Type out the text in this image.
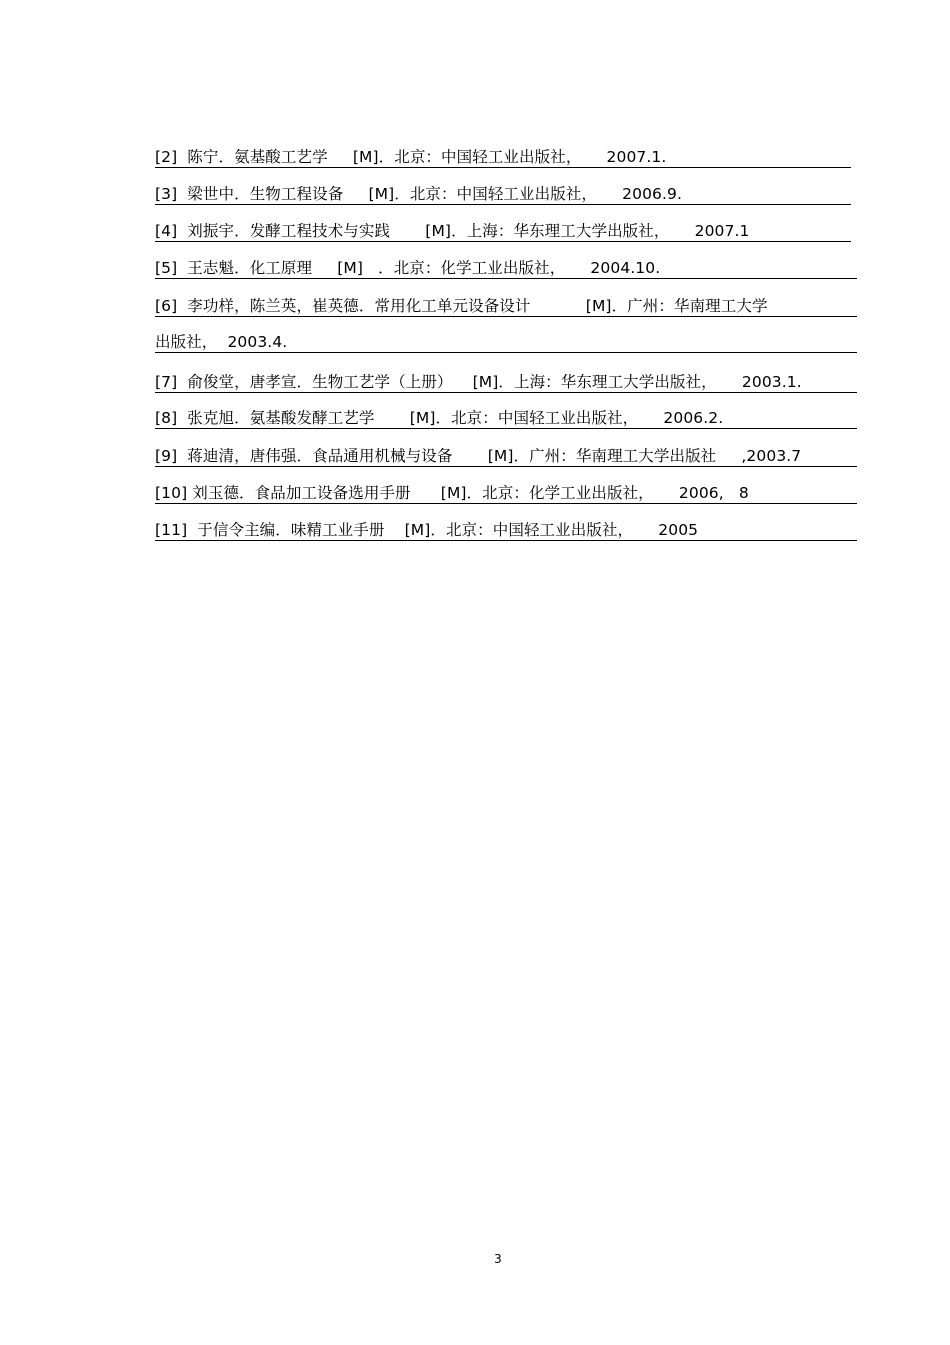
[2]  陈宁．氨基酸工艺学     [M]．北京：中国轻工业出版社，     2007.1.
[3]  梁世中．生物工程设备     [M]．北京：中国轻工业出版社，     2006.9.
[4]  刘振宇．发酵工程技术与实践       [M]．上海：华东理工大学出版社，     2007.1
[5]  王志魁．化工原理     [M]   ．北京：化学工业出版社，     2004.10.
[6]  李功样，陈兰英，崔英德．常用化工单元设备设计           [M]．广州：华南理工大学
出版社，  2003.4.
[7]  俞俊堂，唐孝宣．生物工艺学（上册）    [M]．上海：华东理工大学出版社，     2003.1.
[8]  张克旭．氨基酸发酵工艺学       [M]．北京：中国轻工业出版社，     2006.2.
[9]  蒋迪清，唐伟强．食品通用机械与设备       [M]．广州：华南理工大学出版社     ,2003.7
[10] 刘玉德．食品加工设备选用手册      [M]．北京：化学工业出版社，     2006,   8
[11]  于信令主编．味精工业手册    [M]．北京：中国轻工业出版社，     2005
3
